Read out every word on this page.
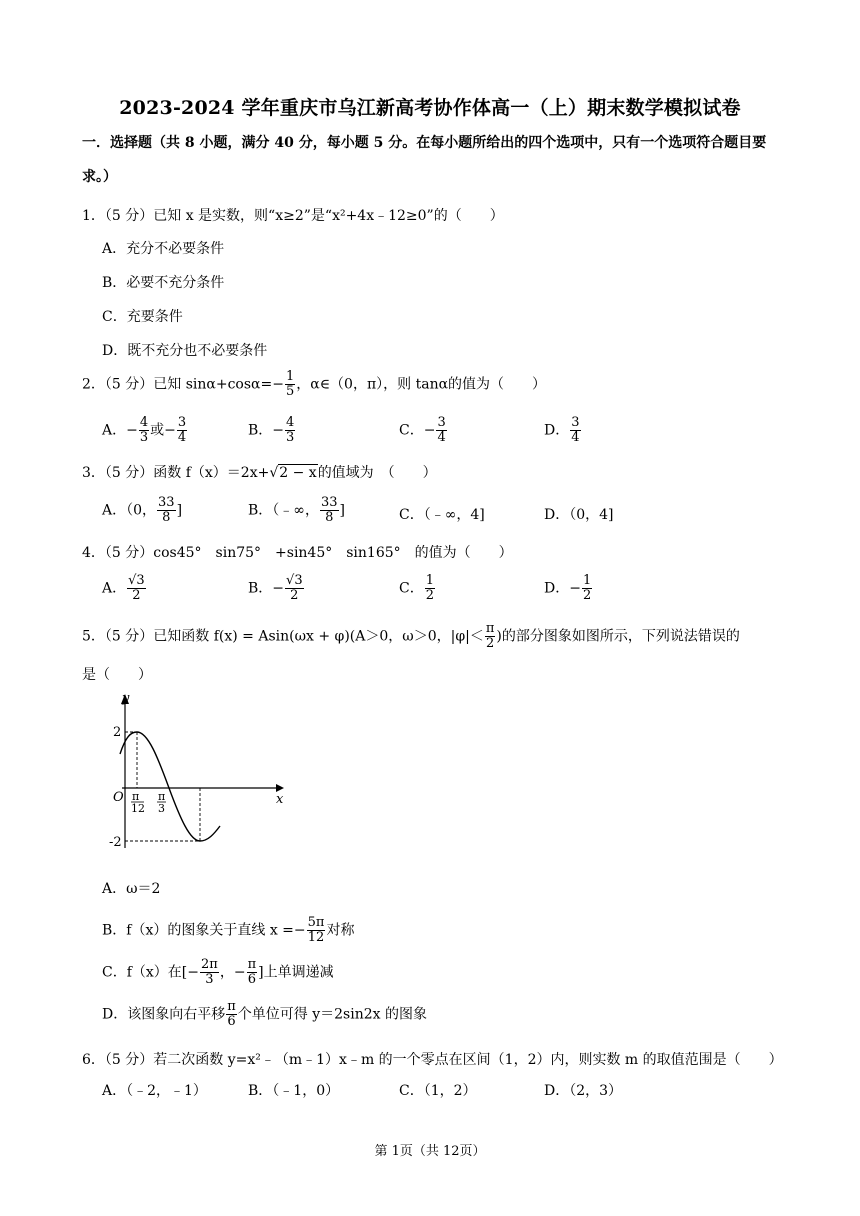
2023-2024 学年重庆市乌江新高考协作体高一（上）期末数学模拟试卷
一．选择题（共 8 小题，满分 40 分，每小题 5 分。在每小题所给出的四个选项中，只有一个选项符合题目要求。）
1．（5 分）已知 x 是实数，则“x≥2”是“x²+4x﹣12≥0”的（　　）
A．充分不必要条件
B．必要不充分条件
C．充要条件
D．既不充分也不必要条件
2．（5 分）已知 $\sin\alpha+\cos\alpha=- \frac{1}{5}$ ，α∈（0，π），则 tanα的值为（　　）
A．− $\frac{4}{3}$ 或− $\frac{3}{4}$	B．− $\frac{4}{3}$	C．− $\frac{3}{4}$	D． $\frac{3}{4}$
3．（5 分）函数 f（x）＝2x+√2 − x的值域为　（　　）
A．（0， $\frac{33}{8}$ ]	B．（﹣∞， $\frac{33}{8}$ ]	C．（﹣∞，4]	D．（0，4]
4．（5 分）cos45°　sin75°　+sin45°　sin165°　的值为（　　）
A． $\frac{√3}{2}$	B．− $\frac{√3}{2}$	C． $\frac{1}{2}$	D．− $\frac{1}{2}$
5．（5 分）已知函数 f(x) = Asin(ωx + φ)(A＞0，ω＞0，$|\varphi|< \frac{\pi}{2}$ )的部分图象如图所示，下列说法错误的
是（　　）
y
x
O
2
-2
π
12
π
3
A．ω＝2
B．f（x）的图象关于直线 $x =- \frac{5\pi}{12}$ 对称
C．f（x）在[− $\frac{2\pi}{3}$ ，− $\frac{\pi}{6}$ ]上单调递减
D．该图象向右平移 $\frac{\pi}{6}$ 个单位可得 y＝2sin2x 的图象
6．（5 分）若二次函数 y=x²﹣（m﹣1）x﹣m 的一个零点在区间（1，2）内，则实数 m 的取值范围是（　　）
A．（﹣2，﹣1）	B．（﹣1，0）	C．（1，2）	D．（2，3）
第 1页（共 12页）
